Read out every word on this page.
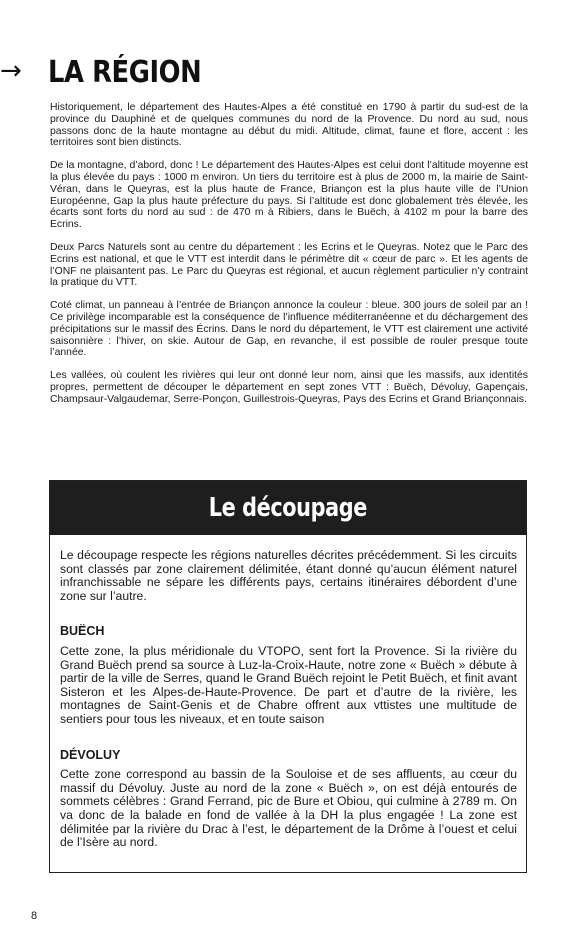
→ LA RÉGION

Historiquement, le département des Hautes-Alpes a été constitué en 1790 à partir du sud-est de la province du Dauphiné et de quelques communes du nord de la Provence. Du nord au sud, nous passons donc de la haute montagne au début du midi. Altitude, climat, faune et flore, accent : les territoires sont bien distincts.

De la montagne, d’abord, donc ! Le département des Hautes-Alpes est celui dont l’altitude moyenne est la plus élevée du pays : 1000 m environ. Un tiers du territoire est à plus de 2000 m, la mairie de Saint-Véran, dans le Queyras, est la plus haute de France, Briançon est la plus haute ville de l’Union Européenne, Gap la plus haute préfecture du pays. Si l’altitude est donc globalement très élevée, les écarts sont forts du nord au sud : de 470 m à Ribiers, dans le Buëch, à 4102 m pour la barre des Ecrins.

Deux Parcs Naturels sont au centre du département : les Ecrins et le Queyras. Notez que le Parc des Ecrins est national, et que le VTT est interdit dans le périmètre dit « cœur de parc ». Et les agents de l’ONF ne plaisantent pas. Le Parc du Queyras est régional, et aucun règlement particulier n’y contraint la pratique du VTT.

Coté climat, un panneau à l’entrée de Briançon annonce la couleur : bleue. 300 jours de soleil par an ! Ce privilège incomparable est la conséquence de l’influence méditerranéenne et du déchargement des précipitations sur le massif des Écrins. Dans le nord du département, le VTT est clairement une activité saisonnière : l’hiver, on skie. Autour de Gap, en revanche, il est possible de rouler presque toute l’année.

Les vallées, où coulent les rivières qui leur ont donné leur nom, ainsi que les massifs, aux identités propres, permettent de découper le département en sept zones VTT : Buëch, Dévoluy, Gapençais, Champsaur-Valgaudemar, Serre-Ponçon, Guillestrois-Queyras, Pays des Ecrins et Grand Briançonnais.

Le découpage

Le découpage respecte les régions naturelles décrites précédemment. Si les circuits sont classés par zone clairement délimitée, étant donné qu’aucun élément naturel infranchissable ne sépare les différents pays, certains itinéraires débordent d’une zone sur l’autre.

BUËCH

Cette zone, la plus méridionale du VTOPO, sent fort la Provence. Si la rivière du Grand Buëch prend sa source à Luz-la-Croix-Haute, notre zone « Buëch » débute à partir de la ville de Serres, quand le Grand Buëch rejoint le Petit Buëch, et finit avant Sisteron et les Alpes-de-Haute-Provence. De part et d’autre de la rivière, les montagnes de Saint-Genis et de Chabre offrent aux vttistes une multitude de sentiers pour tous les niveaux, et en toute saison

DÉVOLUY

Cette zone correspond au bassin de la Souloise et de ses affluents, au cœur du massif du Dévoluy. Juste au nord de la zone « Buëch », on est déjà entourés de sommets célèbres : Grand Ferrand, pic de Bure et Obiou, qui culmine à 2789 m. On va donc de la balade en fond de vallée à la DH la plus engagée ! La zone est délimitée par la rivière du Drac à l’est, le département de la Drôme à l’ouest et celui de l’Isère au nord.

8
